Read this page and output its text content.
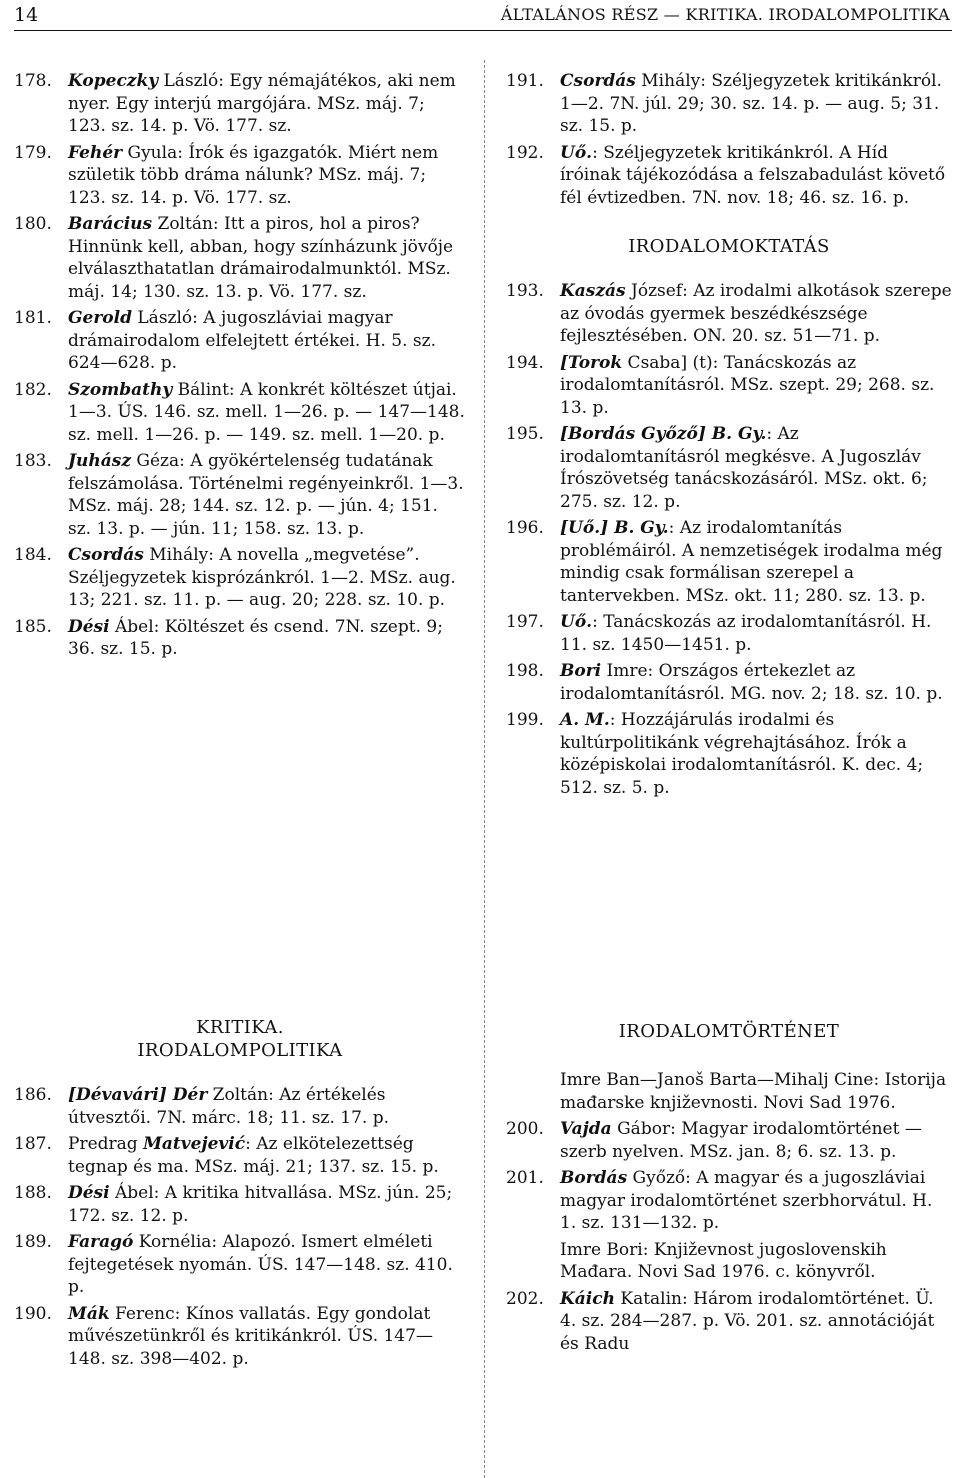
14	ÁLTALÁNOS RÉSZ — KRITIKA. IRODALOMPOLITIKA
178. Kopeczky László: Egy némajátékos, aki nem nyer. Egy interjú margójára. MSz. máj. 7; 123. sz. 14. p. Vö. 177. sz.
179. Fehér Gyula: Írók és igazgatók. Miért nem születik több dráma nálunk? MSz. máj. 7; 123. sz. 14. p. Vö. 177. sz.
180. Barácius Zoltán: Itt a piros, hol a piros? Hinnünk kell, abban, hogy színházunk jövője elválaszthatatlan drámairodalmunktól. MSz. máj. 14; 130. sz. 13. p. Vö. 177. sz.
181. Gerold László: A jugoszláviai magyar drámairodalom elfelejtett értékei. H. 5. sz. 624—628. p.
182. Szombathy Bálint: A konkrét költészet útjai. 1—3. ÚS. 146. sz. mell. 1—26. p. — 147—148. sz. mell. 1—26. p. — 149. sz. mell. 1—20. p.
183. Juhász Géza: A gyökértelenség tudatának felszámolása. Történelmi regényeinkről. 1—3. MSz. máj. 28; 144. sz. 12. p. — jún. 4; 151. sz. 13. p. — jún. 11; 158. sz. 13. p.
184. Csordás Mihály: A novella „megvetése”. Széljegyzetek kisprózánkról. 1—2. MSz. aug. 13; 221. sz. 11. p. — aug. 20; 228. sz. 10. p.
185. Dési Ábel: Költészet és csend. 7N. szept. 9; 36. sz. 15. p.
191. Csordás Mihály: Széljegyzetek kritikánkról. 1—2. 7N. júl. 29; 30. sz. 14. p. — aug. 5; 31. sz. 15. p.
192. Uő.: Széljegyzetek kritikánkról. A Híd íróinak tájékozódása a felszabadulást követő fél évtizedben. 7N. nov. 18; 46. sz. 16. p.
IRODALOMOKTATÁS
193. Kaszás József: Az irodalmi alkotások szerepe az óvodás gyermek beszédkészsége fejlesztésében. ON. 20. sz. 51—71. p.
194. [Torok Csaba] (t): Tanácskozás az irodalomtanításról. MSz. szept. 29; 268. sz. 13. p.
195. [Bordás Győző] B. Gy.: Az irodalomtanításról megkésve. A Jugoszláv Írószövetség tanácskozásáról. MSz. okt. 6; 275. sz. 12. p.
196. [Uő.] B. Gy.: Az irodalomtanítás problémáiról. A nemzetiségek irodalma még mindig csak formálisan szerepel a tantervekben. MSz. okt. 11; 280. sz. 13. p.
197. Uő.: Tanácskozás az irodalomtanításról. H. 11. sz. 1450—1451. p.
198. Bori Imre: Országos értekezlet az irodalomtanításról. MG. nov. 2; 18. sz. 10. p.
199. A. M.: Hozzájárulás irodalmi és kultúrpolitikánk végrehajtásához. Írók a középiskolai irodalomtanításról. K. dec. 4; 512. sz. 5. p.
KRITIKA.
IRODALOMPOLITIKA
186. [Dévavári] Dér Zoltán: Az értékelés útvesztői. 7N. márc. 18; 11. sz. 17. p.
187. Predrag Matvejević: Az elkötelezettség tegnap és ma. MSz. máj. 21; 137. sz. 15. p.
188. Dési Ábel: A kritika hitvallása. MSz. jún. 25; 172. sz. 12. p.
189. Faragó Kornélia: Alapozó. Ismert elméleti fejtegetések nyomán. ÚS. 147—148. sz. 410. p.
190. Mák Ferenc: Kínos vallatás. Egy gondolat művészetünkről és kritikánkról. ÚS. 147—148. sz. 398—402. p.
IRODALOMTÖRTÉNET
Imre Ban—Janoš Barta—Mihalj Cine: Istorija mađarske književnosti. Novi Sad 1976.
200. Vajda Gábor: Magyar irodalomtörténet — szerb nyelven. MSz. jan. 8; 6. sz. 13. p.
201. Bordás Győző: A magyar és a jugoszláviai magyar irodalomtörténet szerbhorvátul. H. 1. sz. 131—132. p.
Imre Bori: Književnost jugoslovenskih Mađara. Novi Sad 1976. c. könyvről.
202. Káich Katalin: Három irodalomtörténet. Ü. 4. sz. 284—287. p. Vö. 201. sz. annotációját és Radu
